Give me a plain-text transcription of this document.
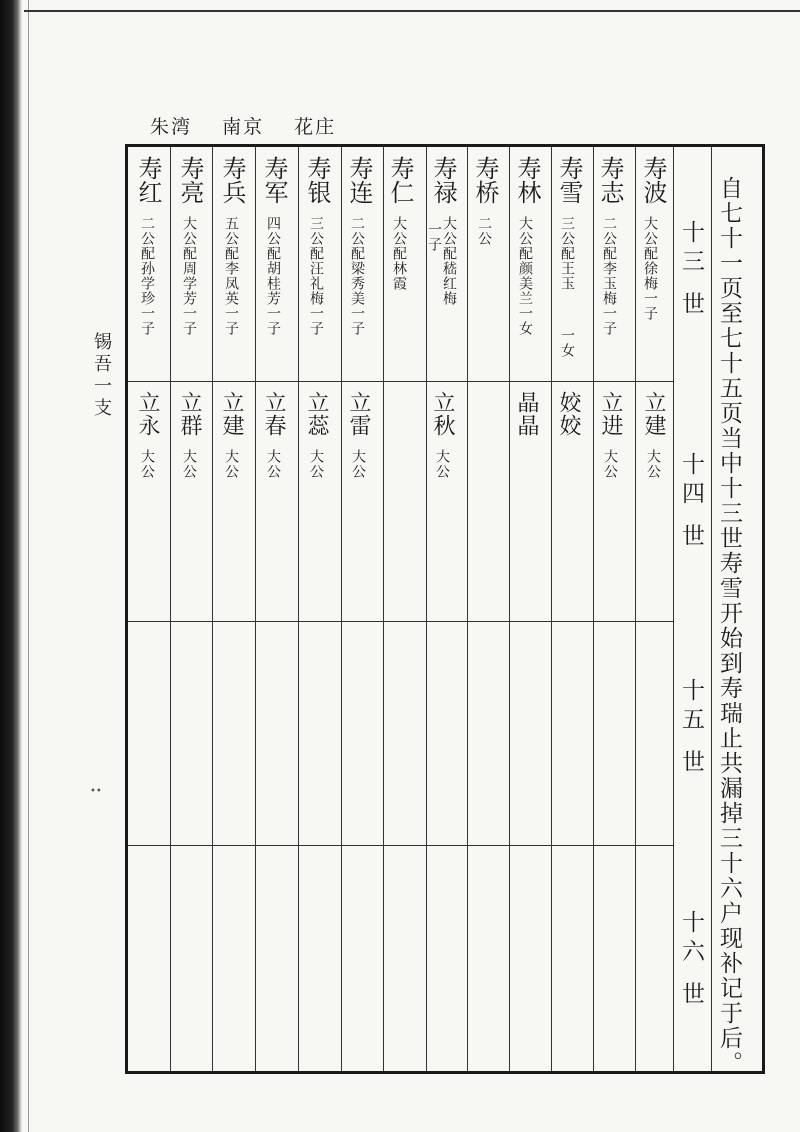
朱湾 南京 花庄
锡吾一支
••	自七十一页至七十五页当中十三世寿雪开始到寿瑞止共漏掉三十六户现补记于后。
十三 世
十四 世
十五 世
十六 世
寿波
大公配徐梅一子
立建
大公
寿志
二公配李玉梅一子
立进
大公
寿雪
三公配王玉
一女
姣姣
寿林
大公配颜美兰一女
晶晶
寿桥
二公
寿禄
大公配嵇红梅
一子
立秋
大公
寿仁
大公配林霞
寿连
二公配梁秀美一子
立雷
大公
寿银
三公配汪礼梅一子
立蕊
大公
寿军
四公配胡桂芳一子
立春
大公
寿兵
五公配李凤英一子
立建
大公
寿亮
大公配周学芳一子
立群
大公
寿红
二公配孙学珍一子
立永
大公
